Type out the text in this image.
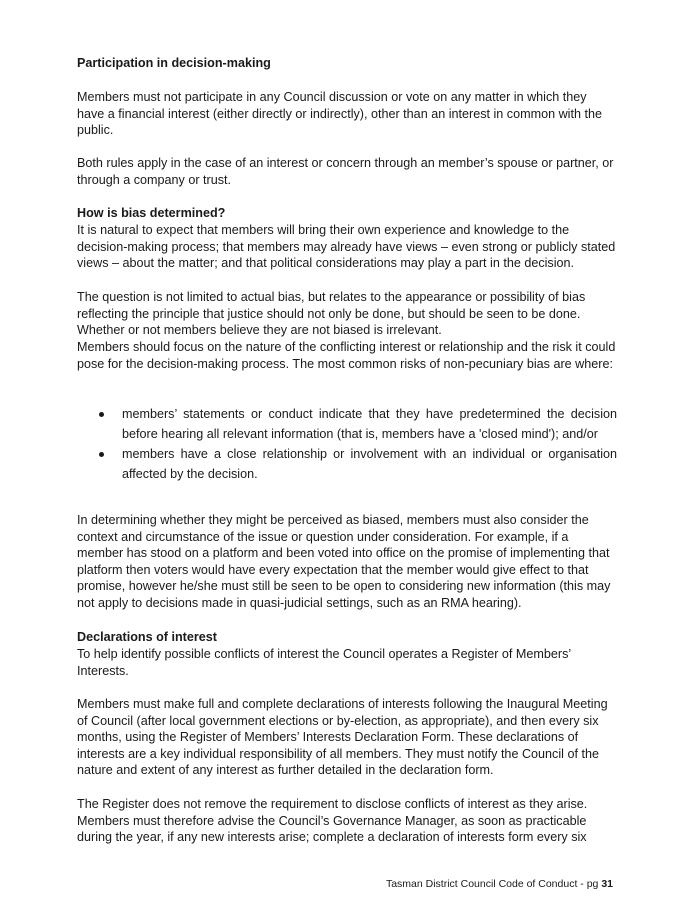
Participation in decision-making

Members must not participate in any Council discussion or vote on any matter in which they have a financial interest (either directly or indirectly), other than an interest in common with the public.

Both rules apply in the case of an interest or concern through an member’s spouse or partner, or through a company or trust.

How is bias determined?

It is natural to expect that members will bring their own experience and knowledge to the decision-making process; that members may already have views – even strong or publicly stated views – about the matter; and that political considerations may play a part in the decision.

The question is not limited to actual bias, but relates to the appearance or possibility of bias reflecting the principle that justice should not only be done, but should be seen to be done. Whether or not members believe they are not biased is irrelevant.

Members should focus on the nature of the conflicting interest or relationship and the risk it could pose for the decision-making process. The most common risks of non-pecuniary bias are where:

members’ statements or conduct indicate that they have predetermined the decision before hearing all relevant information (that is, members have a 'closed mind'); and/or
members have a close relationship or involvement with an individual or organisation affected by the decision.

In determining whether they might be perceived as biased, members must also consider the context and circumstance of the issue or question under consideration. For example, if a member has stood on a platform and been voted into office on the promise of implementing that platform then voters would have every expectation that the member would give effect to that promise, however he/she must still be seen to be open to considering new information (this may not apply to decisions made in quasi-judicial settings, such as an RMA hearing).

Declarations of interest

To help identify possible conflicts of interest the Council operates a Register of Members’ Interests.

Members must make full and complete declarations of interests following the Inaugural Meeting of Council (after local government elections or by-election, as appropriate), and then every six months, using the Register of Members’ Interests Declaration Form. These declarations of interests are a key individual responsibility of all members. They must notify the Council of the nature and extent of any interest as further detailed in the declaration form.

The Register does not remove the requirement to disclose conflicts of interest as they arise. Members must therefore advise the Council’s Governance Manager, as soon as practicable during the year, if any new interests arise; complete a declaration of interests form every six

Tasman District Council Code of Conduct - pg 31
